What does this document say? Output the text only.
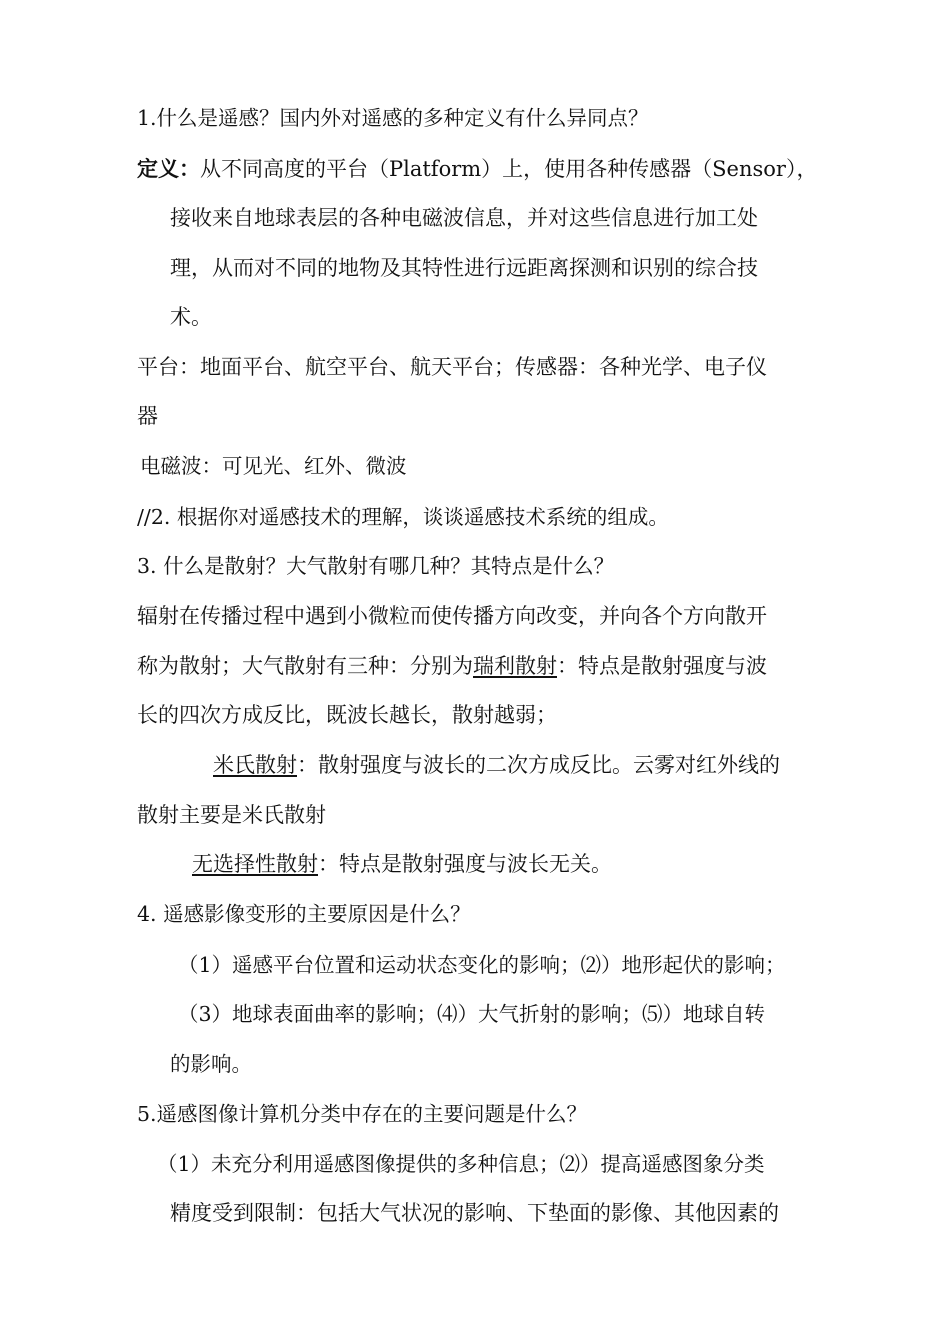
1.什么是遥感？国内外对遥感的多种定义有什么异同点？
定义：从不同高度的平台（Platform）上，使用各种传感器（Sensor），
接收来自地球表层的各种电磁波信息，并对这些信息进行加工处
理，从而对不同的地物及其特性进行远距离探测和识别的综合技
术。
平台：地面平台、航空平台、航天平台；传感器：各种光学、电子仪
器
电磁波：可见光、红外、微波
//2. 根据你对遥感技术的理解，谈谈遥感技术系统的组成。
3. 什么是散射？大气散射有哪几种？其特点是什么？
辐射在传播过程中遇到小微粒而使传播方向改变，并向各个方向散开
称为散射；大气散射有三种：分别为瑞利散射：特点是散射强度与波
长的四次方成反比，既波长越长，散射越弱；
米氏散射：散射强度与波长的二次方成反比。云雾对红外线的
散射主要是米氏散射
无选择性散射：特点是散射强度与波长无关。
4. 遥感影像变形的主要原因是什么？
（1）遥感平台位置和运动状态变化的影响；⑵）地形起伏的影响；
（3）地球表面曲率的影响；⑷）大气折射的影响；⑸）地球自转
的影响。
5.遥感图像计算机分类中存在的主要问题是什么？
（1）未充分利用遥感图像提供的多种信息；⑵）提高遥感图象分类
精度受到限制：包括大气状况的影响、下垫面的影像、其他因素的
